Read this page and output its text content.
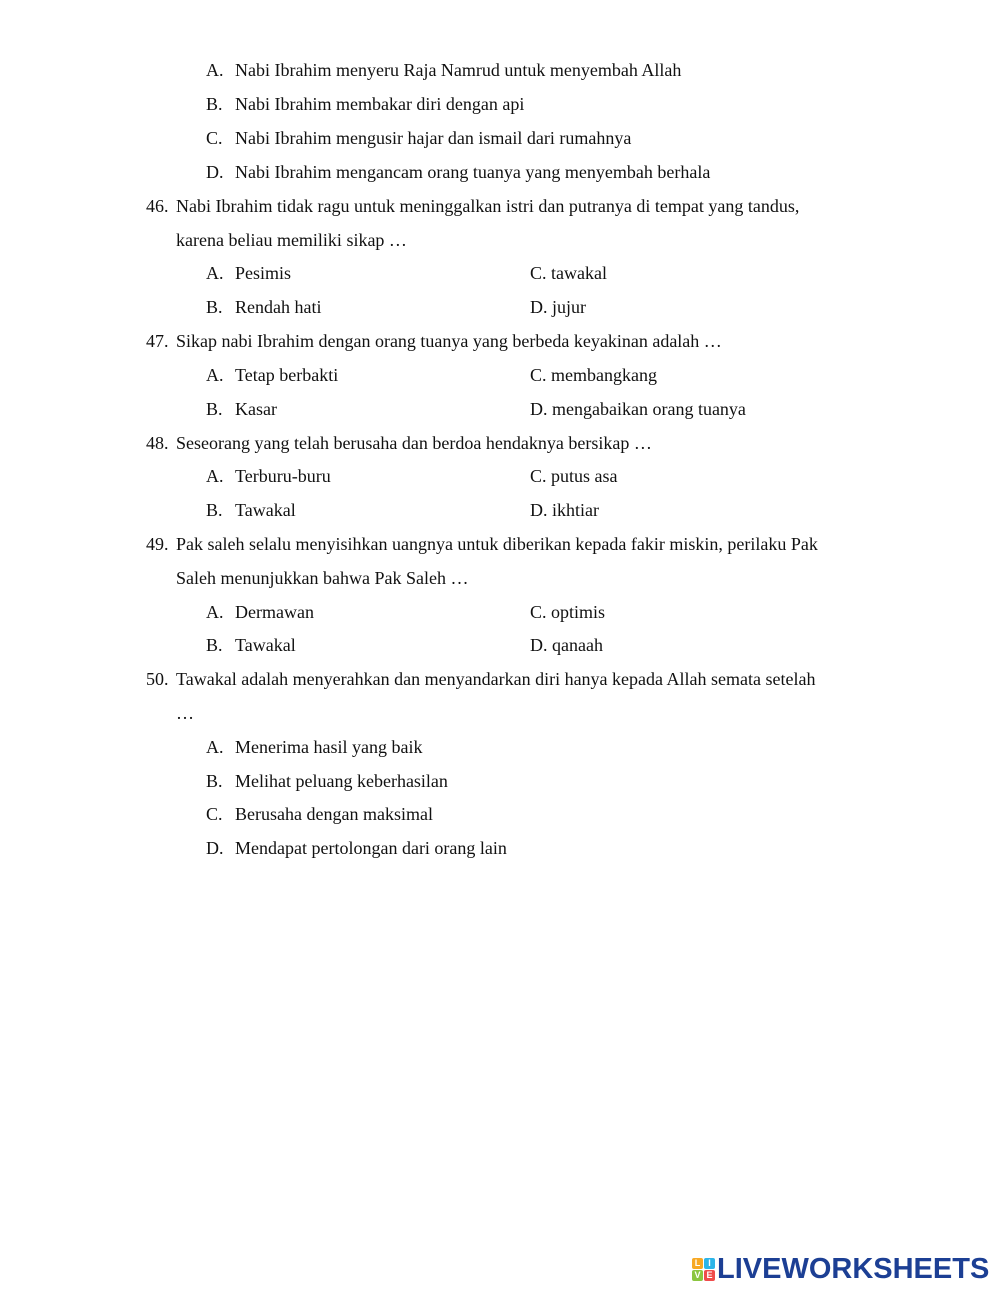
A. Nabi Ibrahim menyeru Raja Namrud untuk menyembah Allah
B. Nabi Ibrahim membakar diri dengan api
C. Nabi Ibrahim mengusir hajar dan ismail dari rumahnya
D. Nabi Ibrahim mengancam orang tuanya yang menyembah berhala
46. Nabi Ibrahim tidak ragu untuk meninggalkan istri dan putranya di tempat yang tandus,
karena beliau memiliki sikap …
A. Pesimis	C. tawakal
B. Rendah hati	D. jujur
47. Sikap nabi Ibrahim dengan orang tuanya yang berbeda keyakinan adalah …
A. Tetap berbakti	C. membangkang
B. Kasar	D. mengabaikan orang tuanya
48. Seseorang yang telah berusaha dan berdoa hendaknya bersikap …
A. Terburu-buru	C. putus asa
B. Tawakal	D. ikhtiar
49. Pak saleh selalu menyisihkan uangnya untuk diberikan kepada fakir miskin, perilaku Pak
Saleh menunjukkan bahwa Pak Saleh …
A. Dermawan	C. optimis
B. Tawakal	D. qanaah
50. Tawakal adalah menyerahkan dan menyandarkan diri hanya kepada Allah semata setelah
…
A. Menerima hasil yang baik
B. Melihat peluang keberhasilan
C. Berusaha dengan maksimal
D. Mendapat pertolongan dari orang lain
L I
V E LIVEWORKSHEETS
